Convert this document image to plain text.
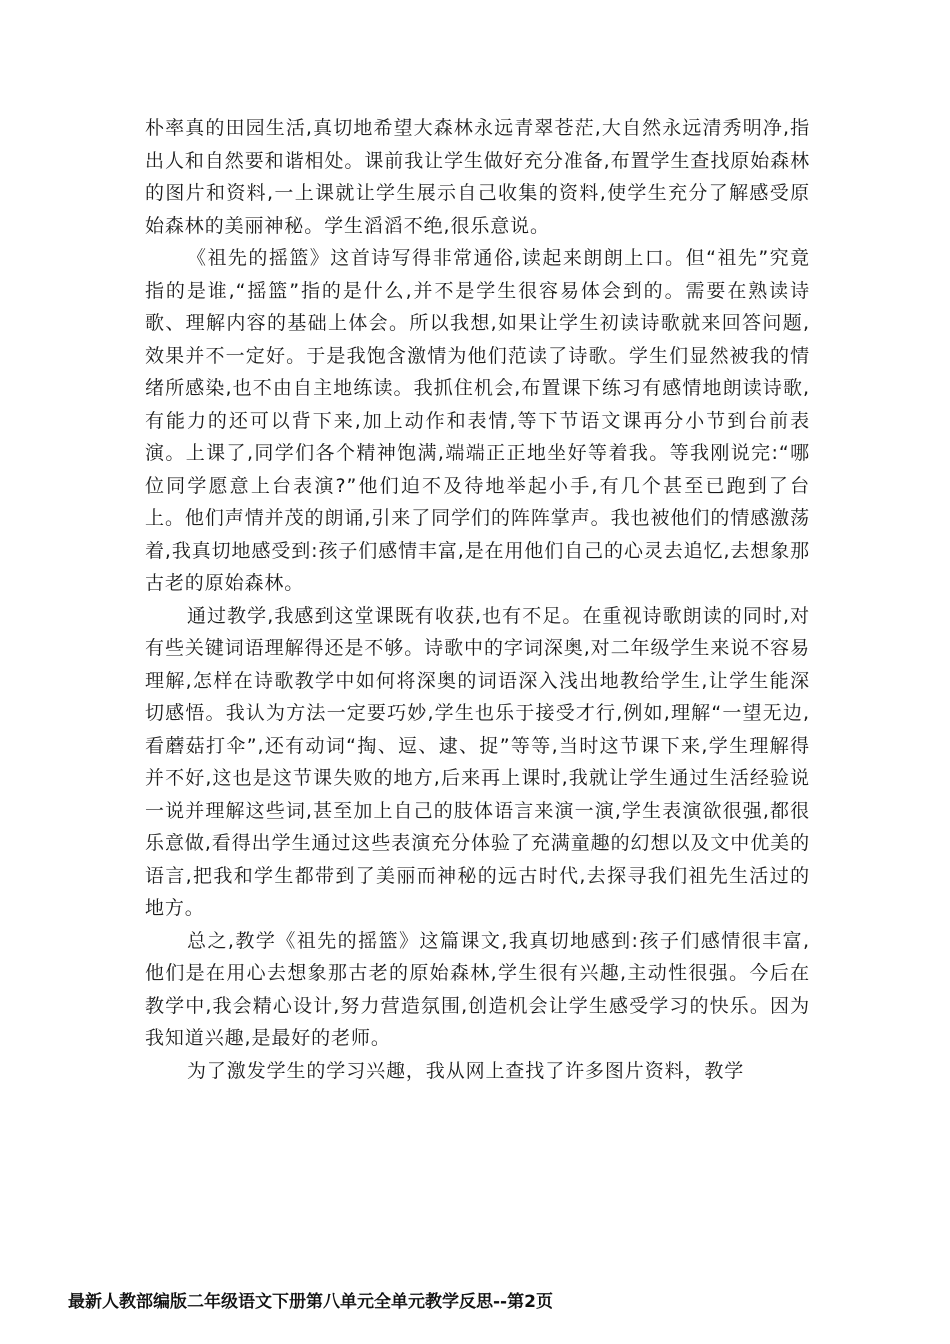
朴率真的田园生活,真切地希望大森林永远青翠苍茫,大自然永远清秀明净,指出人和自然要和谐相处。课前我让学生做好充分准备,布置学生查找原始森林的图片和资料,一上课就让学生展示自己收集的资料,使学生充分了解感受原始森林的美丽神秘。学生滔滔不绝,很乐意说。

《祖先的摇篮》这首诗写得非常通俗,读起来朗朗上口。但“祖先”究竟指的是谁,“摇篮”指的是什么,并不是学生很容易体会到的。需要在熟读诗歌、理解内容的基础上体会。所以我想,如果让学生初读诗歌就来回答问题,效果并不一定好。于是我饱含激情为他们范读了诗歌。学生们显然被我的情绪所感染,也不由自主地练读。我抓住机会,布置课下练习有感情地朗读诗歌,有能力的还可以背下来,加上动作和表情,等下节语文课再分小节到台前表演。上课了,同学们各个精神饱满,端端正正地坐好等着我。等我刚说完:“哪位同学愿意上台表演?”他们迫不及待地举起小手,有几个甚至已跑到了台上。他们声情并茂的朗诵,引来了同学们的阵阵掌声。我也被他们的情感激荡着,我真切地感受到:孩子们感情丰富,是在用他们自己的心灵去追忆,去想象那古老的原始森林。

通过教学,我感到这堂课既有收获,也有不足。在重视诗歌朗读的同时,对有些关键词语理解得还是不够。诗歌中的字词深奥,对二年级学生来说不容易理解,怎样在诗歌教学中如何将深奥的词语深入浅出地教给学生,让学生能深切感悟。我认为方法一定要巧妙,学生也乐于接受才行,例如,理解“一望无边,看蘑菇打伞”,还有动词“掏、逗、逮、捉”等等,当时这节课下来,学生理解得并不好,这也是这节课失败的地方,后来再上课时,我就让学生通过生活经验说一说并理解这些词,甚至加上自己的肢体语言来演一演,学生表演欲很强,都很乐意做,看得出学生通过这些表演充分体验了充满童趣的幻想以及文中优美的语言,把我和学生都带到了美丽而神秘的远古时代,去探寻我们祖先生活过的地方。

总之,教学《祖先的摇篮》这篇课文,我真切地感到:孩子们感情很丰富,他们是在用心去想象那古老的原始森林,学生很有兴趣,主动性很强。今后在教学中,我会精心设计,努力营造氛围,创造机会让学生感受学习的快乐。因为我知道兴趣,是最好的老师。

为了激发学生的学习兴趣，我从网上查找了许多图片资料，教学

最新人教部编版二年级语文下册第八单元全单元教学反思--第2页
